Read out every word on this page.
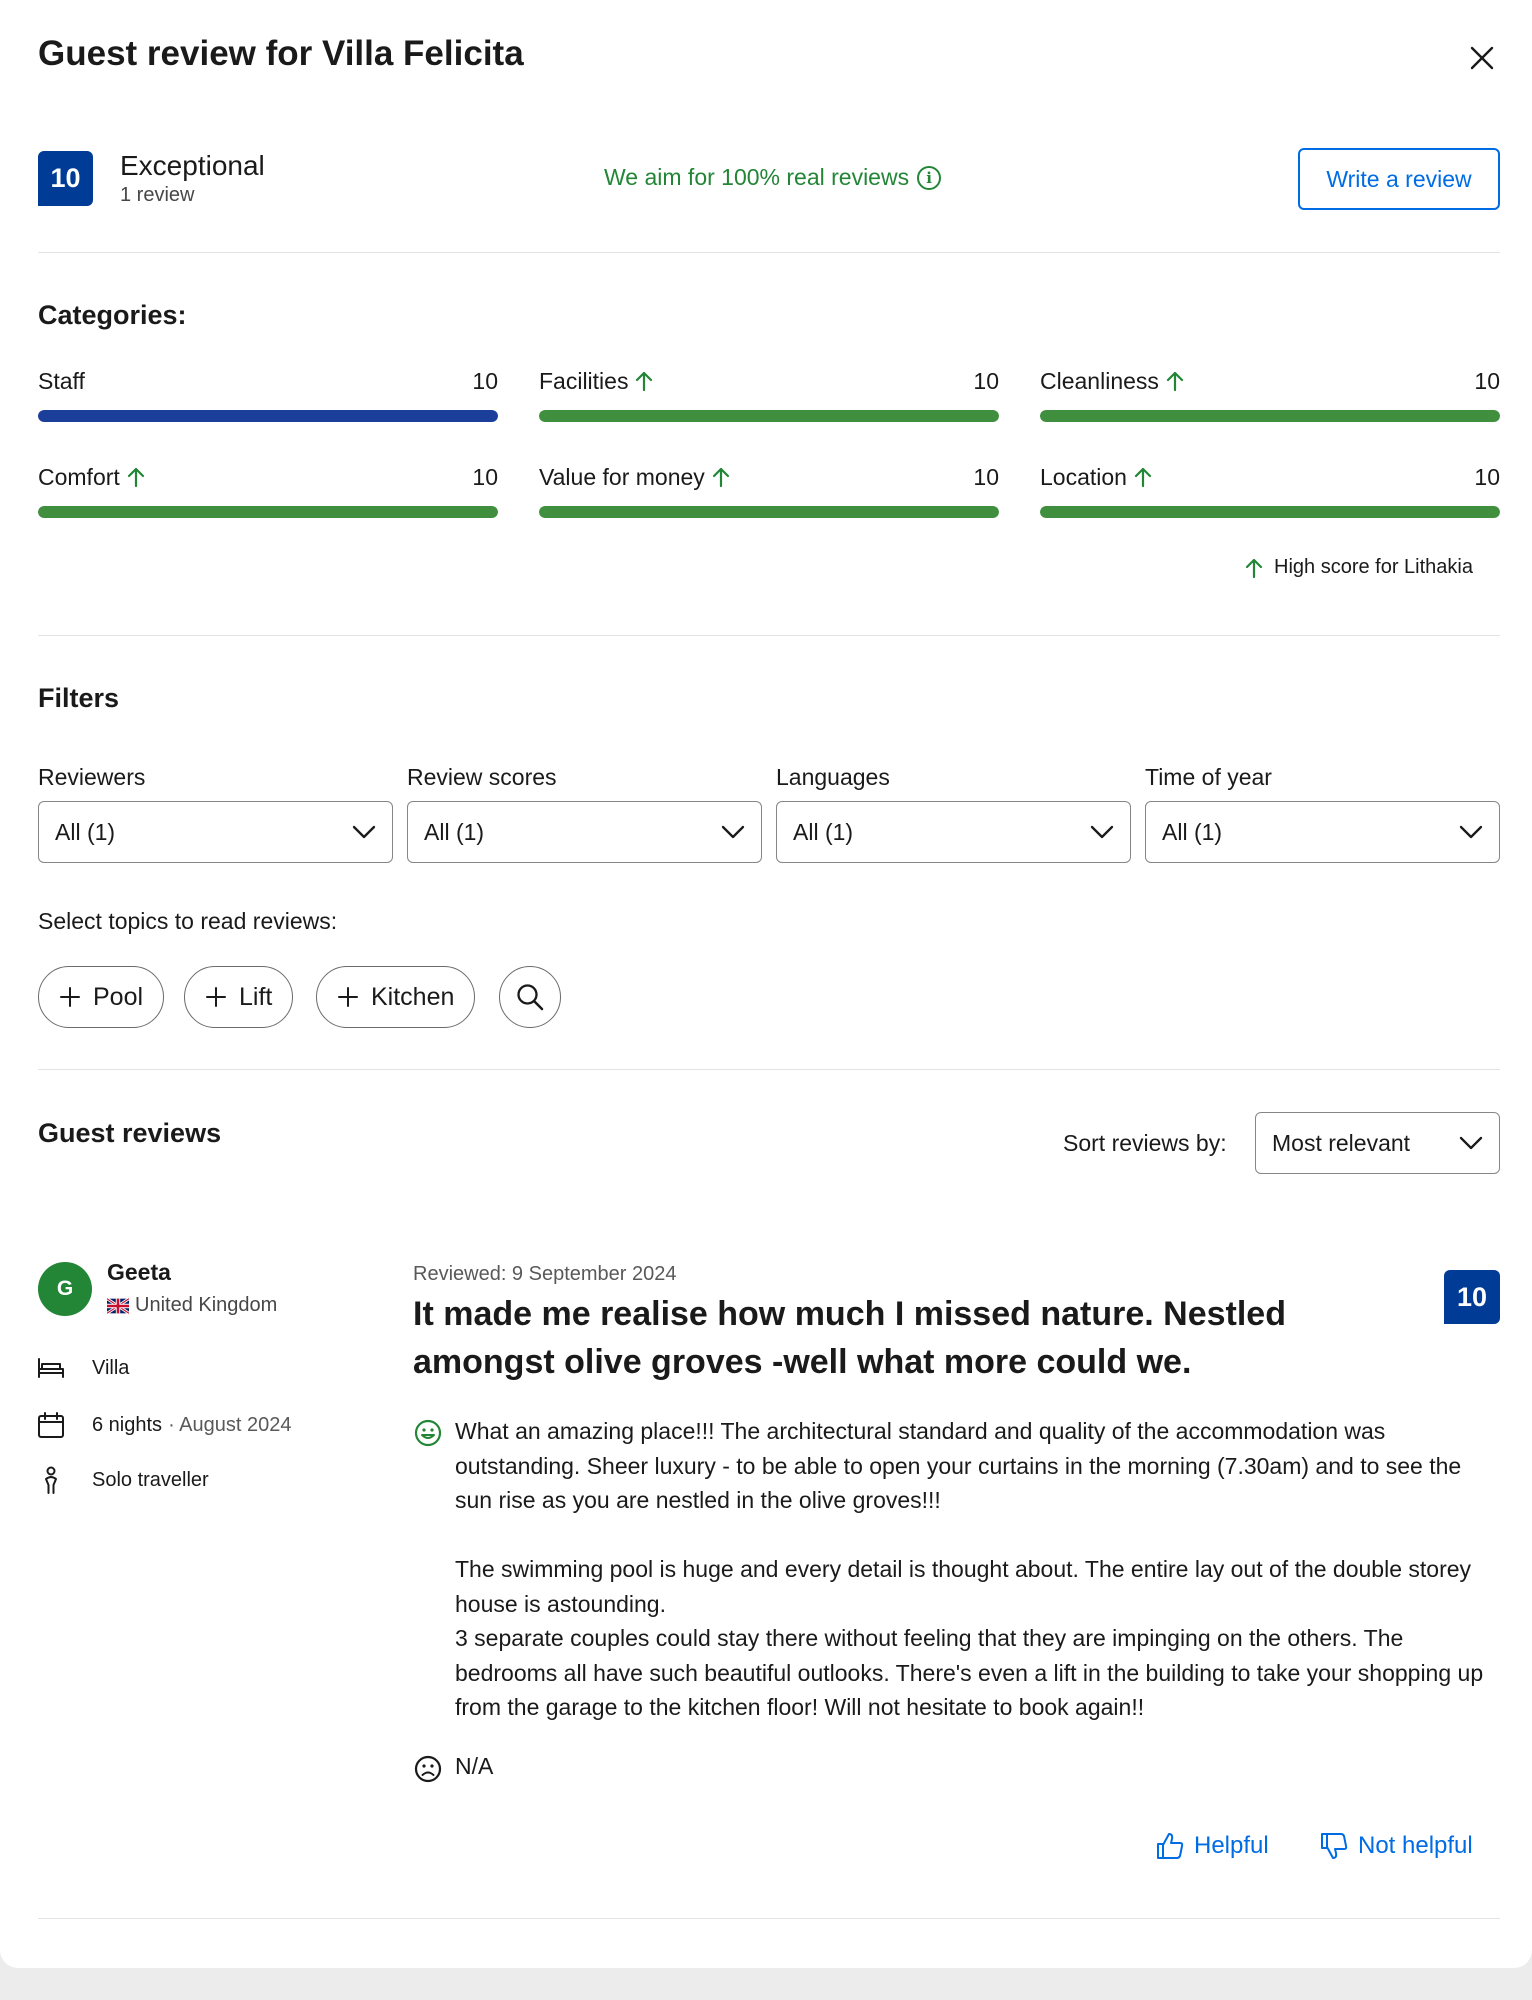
Guest review for Villa Felicita
10	Exceptional
1 review
We aim for 100% real reviews	i	Write a review
Categories:
Staff	10 Facilities	10 Cleanliness	10
Comfort	10 Value for money	10 Location	10
High score for Lithakia
Filters
Reviewers	Review scores	Languages	Time of year
All (1)	All (1)	All (1)	All (1)
Select topics to read reviews:
Pool	Lift	Kitchen
Guest reviews	Sort reviews by: Most relevant
G
Geeta
United Kingdom
Villa
6 nights · August 2024
Solo traveller
Reviewed: 9 September 2024
It made me realise how much I missed nature. Nestled amongst olive groves -well what more could we.
10

What an amazing place!!! The architectural standard and quality of the accommodation was outstanding. Sheer luxury - to be able to open your curtains in the morning (7.30am) and to see the sun rise as you are nestled in the olive groves!!!

The swimming pool is huge and every detail is thought about. The entire lay out of the double storey house is astounding.
3 separate couples could stay there without feeling that they are impinging on the others. The bedrooms all have such beautiful outlooks. There's even a lift in the building to take your shopping up from the garage to the kitchen floor! Will not hesitate to book again!!

N/A
Helpful	Not helpful
